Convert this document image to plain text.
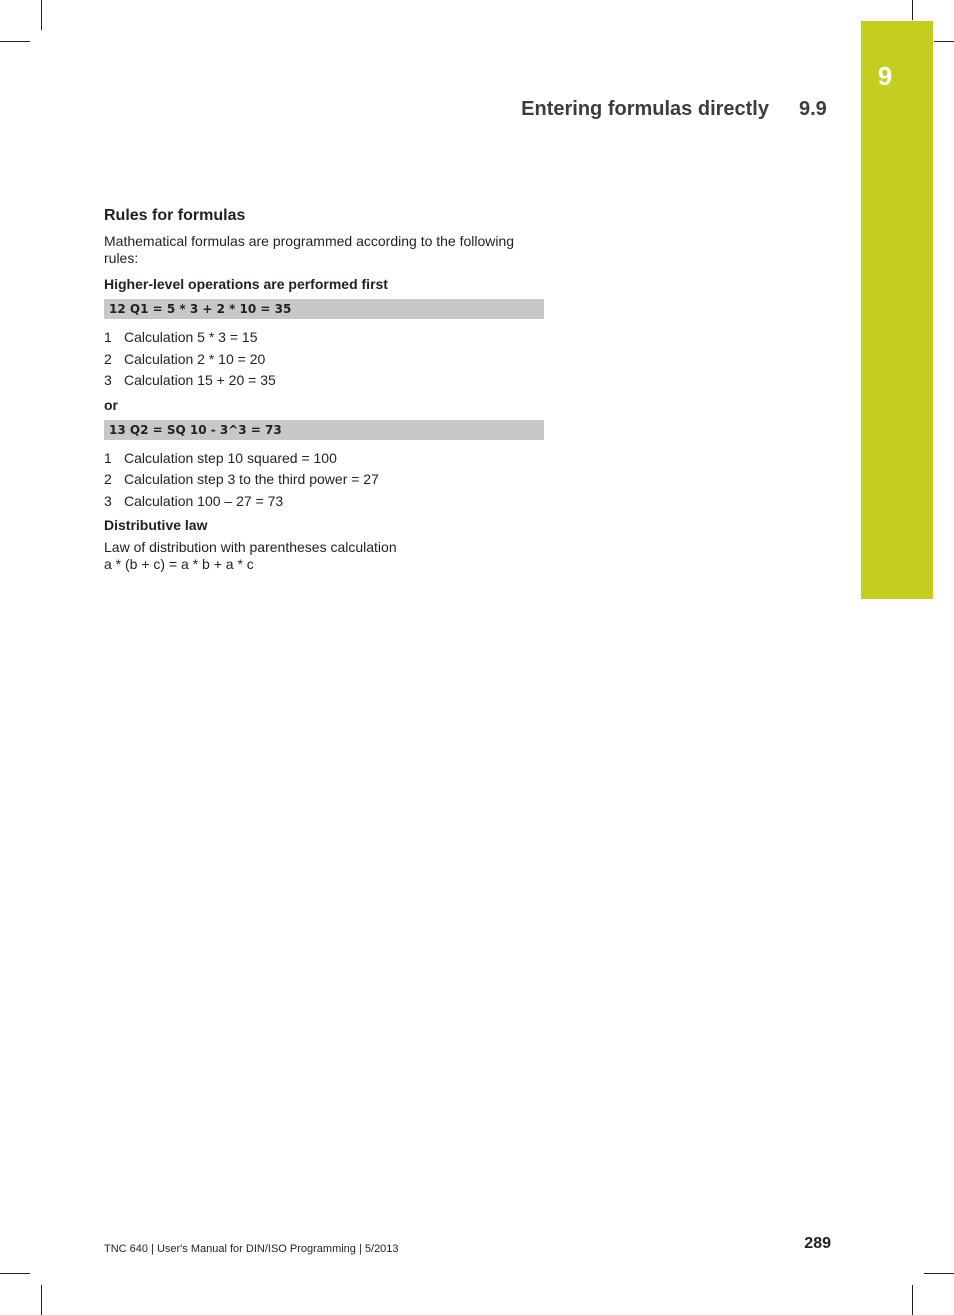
9
Entering formulas directly 9.9
Rules for formulas

Mathematical formulas are programmed according to the following rules:

Higher-level operations are performed first
12 Q1 = 5 * 3 + 2 * 10 = 35
1 Calculation 5 * 3 = 15
2 Calculation 2 * 10 = 20
3 Calculation 15 + 20 = 35
or
13 Q2 = SQ 10 - 3^3 = 73
1 Calculation step 10 squared = 100
2 Calculation step 3 to the third power = 27
3 Calculation 100 – 27 = 73
Distributive law
Law of distribution with parentheses calculation
a * (b + c) = a * b + a * c
TNC 640 | User's Manual for DIN/ISO Programming | 5/2013	289
